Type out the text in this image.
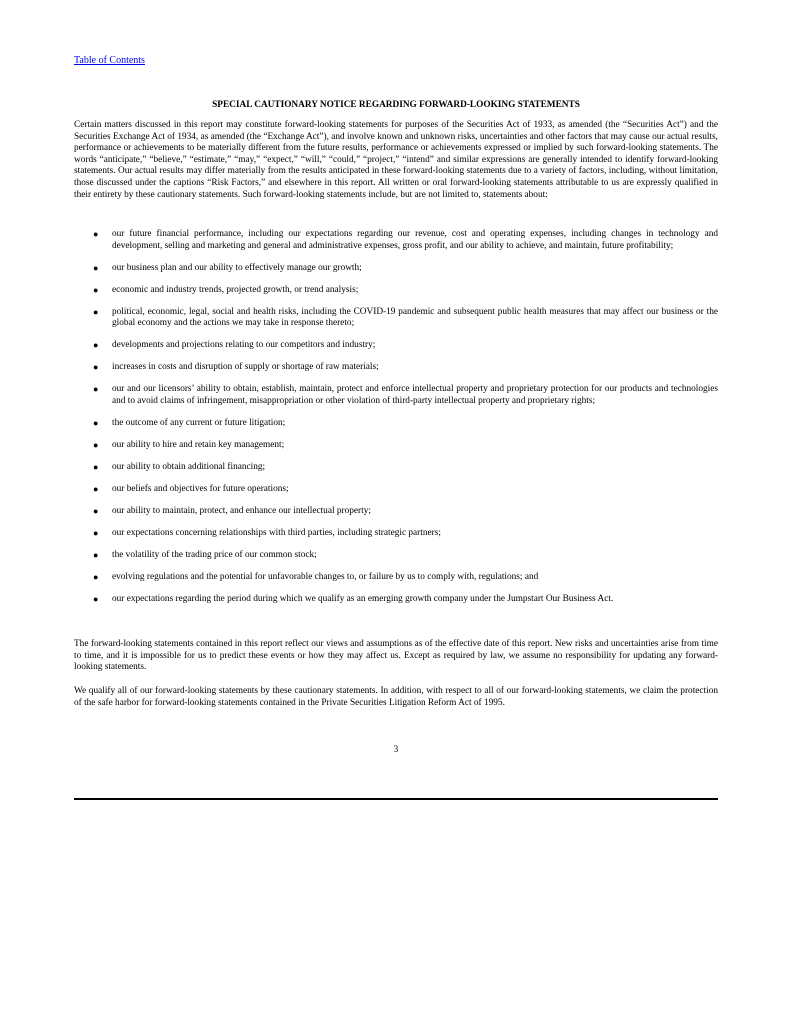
Table of Contents
SPECIAL CAUTIONARY NOTICE REGARDING FORWARD-LOOKING STATEMENTS

Certain matters discussed in this report may constitute forward-looking statements for purposes of the Securities Act of 1933, as amended (the “Securities Act”) and the Securities Exchange Act of 1934, as amended (the “Exchange Act”), and involve known and unknown risks, uncertainties and other factors that may cause our actual results, performance or achievements to be materially different from the future results, performance or achievements expressed or implied by such forward-looking statements. The words “anticipate,” “believe,” “estimate,” “may,” “expect,” “will,” “could,” “project,” “intend” and similar expressions are generally intended to identify forward-looking statements. Our actual results may differ materially from the results anticipated in these forward-looking statements due to a variety of factors, including, without limitation, those discussed under the captions “Risk Factors,” and elsewhere in this report. All written or oral forward-looking statements attributable to us are expressly qualified in their entirety by these cautionary statements. Such forward-looking statements include, but are not limited to, statements about:

● our future financial performance, including our expectations regarding our revenue, cost and operating expenses, including changes in technology and development, selling and marketing and general and administrative expenses, gross profit, and our ability to achieve, and maintain, future profitability;
● our business plan and our ability to effectively manage our growth;
● economic and industry trends, projected growth, or trend analysis;
● political, economic, legal, social and health risks, including the COVID-19 pandemic and subsequent public health measures that may affect our business or the global economy and the actions we may take in response thereto;
● developments and projections relating to our competitors and industry;
● increases in costs and disruption of supply or shortage of raw materials;
● our and our licensors’ ability to obtain, establish, maintain, protect and enforce intellectual property and proprietary protection for our products and technologies and to avoid claims of infringement, misappropriation or other violation of third-party intellectual property and proprietary rights;
● the outcome of any current or future litigation;
● our ability to hire and retain key management;
● our ability to obtain additional financing;
● our beliefs and objectives for future operations;
● our ability to maintain, protect, and enhance our intellectual property;
● our expectations concerning relationships with third parties, including strategic partners;
● the volatility of the trading price of our common stock;
● evolving regulations and the potential for unfavorable changes to, or failure by us to comply with, regulations; and
● our expectations regarding the period during which we qualify as an emerging growth company under the Jumpstart Our Business Act.

The forward-looking statements contained in this report reflect our views and assumptions as of the effective date of this report. New risks and uncertainties arise from time to time, and it is impossible for us to predict these events or how they may affect us. Except as required by law, we assume no responsibility for updating any forward-looking statements.

We qualify all of our forward-looking statements by these cautionary statements. In addition, with respect to all of our forward-looking statements, we claim the protection of the safe harbor for forward-looking statements contained in the Private Securities Litigation Reform Act of 1995.

3
